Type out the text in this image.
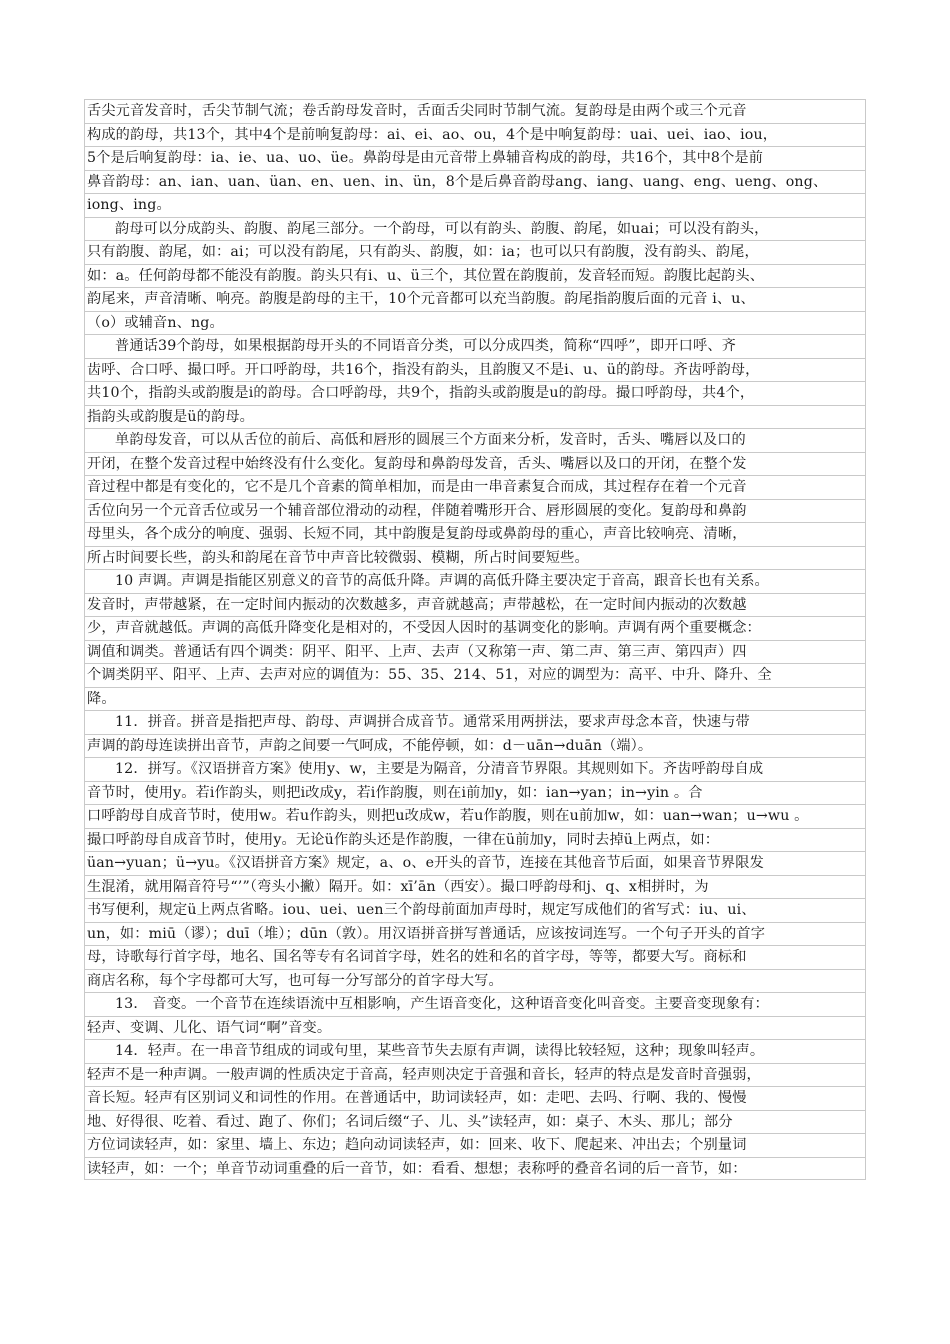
舌尖元音发音时，舌尖节制气流；卷舌韵母发音时，舌面舌尖同时节制气流。复韵母是由两个或三个元音
构成的韵母，共13个，其中4个是前响复韵母：ai、ei、ao、ou，4个是中响复韵母：uai、uei、iao、iou，
5个是后响复韵母：ia、ie、ua、uo、üe。鼻韵母是由元音带上鼻辅音构成的韵母，共16个，其中8个是前
鼻音韵母：an、ian、uan、üan、en、uen、in、ün，8个是后鼻音韵母ang、iang、uang、eng、ueng、ong、
iong、ing。
韵母可以分成韵头、韵腹、韵尾三部分。一个韵母，可以有韵头、韵腹、韵尾，如uai；可以没有韵头，
只有韵腹、韵尾，如：ai；可以没有韵尾，只有韵头、韵腹，如：ia；也可以只有韵腹，没有韵头、韵尾，
如：a。任何韵母都不能没有韵腹。韵头只有i、u、ü三个，其位置在韵腹前，发音轻而短。韵腹比起韵头、
韵尾来，声音清晰、响亮。韵腹是韵母的主干，10个元音都可以充当韵腹。韵尾指韵腹后面的元音 i、u、
（o）或辅音n、ng。
普通话39个韵母，如果根据韵母开头的不同语音分类，可以分成四类，简称“四呼”，即开口呼、齐
齿呼、合口呼、撮口呼。开口呼韵母，共16个，指没有韵头，且韵腹又不是i、u、ü的韵母。齐齿呼韵母，
共10个，指韵头或韵腹是i的韵母。合口呼韵母，共9个，指韵头或韵腹是u的韵母。撮口呼韵母，共4个，
指韵头或韵腹是ü的韵母。
单韵母发音，可以从舌位的前后、高低和唇形的圆展三个方面来分析，发音时，舌头、嘴唇以及口的
开闭，在整个发音过程中始终没有什么变化。复韵母和鼻韵母发音，舌头、嘴唇以及口的开闭，在整个发
音过程中都是有变化的，它不是几个音素的简单相加，而是由一串音素复合而成，其过程存在着一个元音
舌位向另一个元音舌位或另一个辅音部位滑动的动程，伴随着嘴形开合、唇形圆展的变化。复韵母和鼻韵
母里头，各个成分的响度、强弱、长短不同，其中韵腹是复韵母或鼻韵母的重心，声音比较响亮、清晰，
所占时间要长些，韵头和韵尾在音节中声音比较微弱、模糊，所占时间要短些。
10 声调。声调是指能区别意义的音节的高低升降。声调的高低升降主要决定于音高，跟音长也有关系。
发音时，声带越紧，在一定时间内振动的次数越多，声音就越高；声带越松，在一定时间内振动的次数越
少，声音就越低。声调的高低升降变化是相对的，不受因人因时的基调变化的影响。声调有两个重要概念：
调值和调类。普通话有四个调类：阴平、阳平、上声、去声（又称第一声、第二声、第三声、第四声）四
个调类阴平、阳平、上声、去声对应的调值为：55、35、214、51，对应的调型为：高平、中升、降升、全
降。
11．拼音。拼音是指把声母、韵母、声调拼合成音节。通常采用两拼法，要求声母念本音，快速与带
声调的韵母连读拼出音节，声韵之间要一气呵成，不能停顿，如：d－uān→duān（端）。
12．拼写。《汉语拼音方案》使用y、w，主要是为隔音，分清音节界限。其规则如下。齐齿呼韵母自成
音节时，使用y。若i作韵头，则把i改成y，若i作韵腹，则在i前加y，如：ian→yan；in→yin 。合
口呼韵母自成音节时，使用w。若u作韵头，则把u改成w，若u作韵腹，则在u前加w，如：uan→wan；u→wu 。
撮口呼韵母自成音节时，使用y。无论ü作韵头还是作韵腹，一律在ü前加y，同时去掉ü上两点，如：
üan→yuan；ü→yu。《汉语拼音方案》规定，a、o、e开头的音节，连接在其他音节后面，如果音节界限发
生混淆，就用隔音符号“’”（弯头小撇）隔开。如：xī’ān（西安）。撮口呼韵母和j、q、x相拼时，为
书写便利，规定ü上两点省略。iou、uei、uen三个韵母前面加声母时，规定写成他们的省写式：iu、ui、
un，如：miū（谬）；duī（堆）；dūn（敦）。用汉语拼音拼写普通话，应该按词连写。一个句子开头的首字
母，诗歌每行首字母，地名、国名等专有名词首字母，姓名的姓和名的首字母，等等，都要大写。商标和
商店名称，每个字母都可大写，也可每一分写部分的首字母大写。
13． 音变。一个音节在连续语流中互相影响，产生语音变化，这种语音变化叫音变。主要音变现象有：
轻声、变调、儿化、语气词“啊”音变。
14．轻声。在一串音节组成的词或句里，某些音节失去原有声调，读得比较轻短，这种；现象叫轻声。
轻声不是一种声调。一般声调的性质决定于音高，轻声则决定于音强和音长，轻声的特点是发音时音强弱，
音长短。轻声有区别词义和词性的作用。在普通话中，助词读轻声，如：走吧、去吗、行啊、我的、慢慢
地、好得很、吃着、看过、跑了、你们；名词后缀“子、儿、头”读轻声，如：桌子、木头、那儿；部分
方位词读轻声，如：家里、墙上、东边；趋向动词读轻声，如：回来、收下、爬起来、冲出去；个别量词
读轻声，如：一个；单音节动词重叠的后一音节，如：看看、想想；表称呼的叠音名词的后一音节，如：
